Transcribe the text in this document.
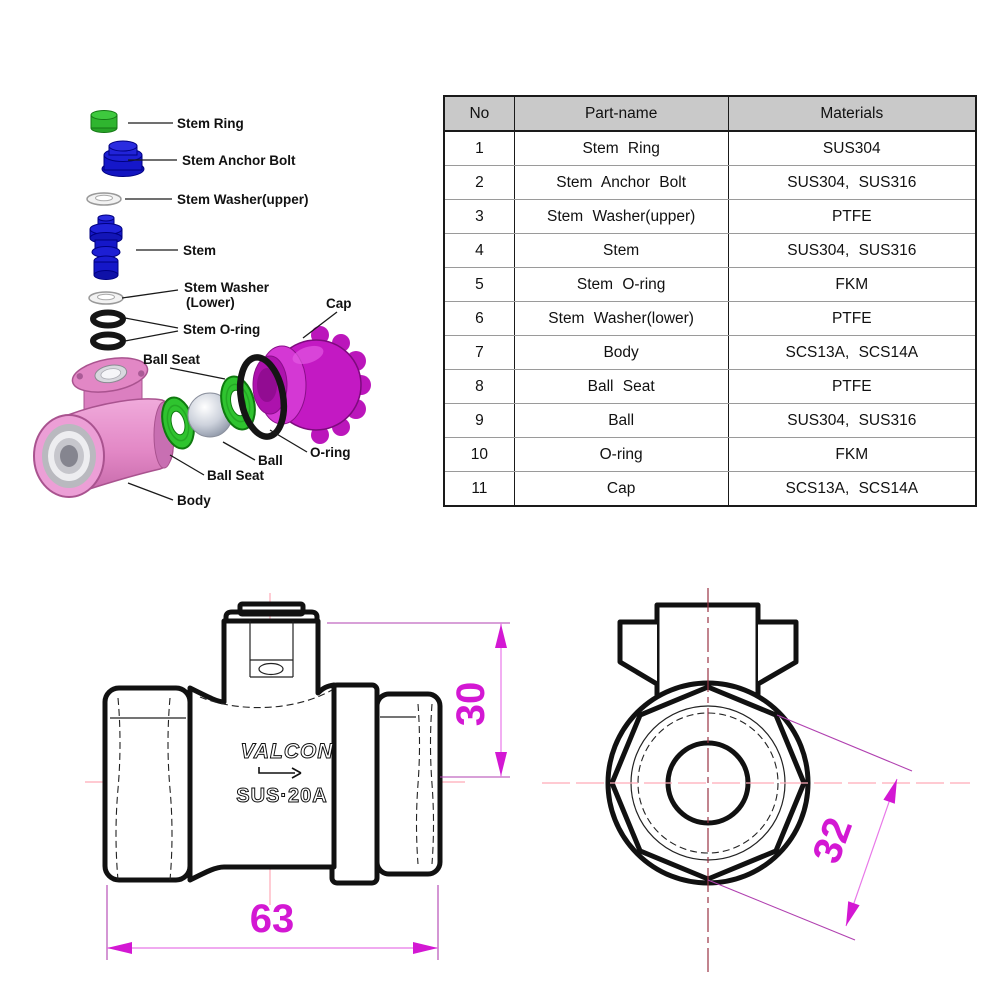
Stem Ring
Stem Anchor Bolt
Stem Washer(upper)
Stem
Stem Washer
(Lower)
Stem O-ring
Ball Seat
Cap
O-ring
Ball
Ball Seat
Body
No	Part-name	Materials
1	Stem Ring	SUS304
2	Stem Anchor Bolt	SUS304, SUS316
3	Stem Washer(upper)	PTFE
4	Stem	SUS304, SUS316
5	Stem O-ring	FKM
6	Stem Washer(lower)	PTFE
7	Body	SCS13A, SCS14A
8	Ball Seat	PTFE
9	Ball	SUS304, SUS316
10	O-ring	FKM
11	Cap	SCS13A, SCS14A
VALCON
SUS·20A
30
63
32
